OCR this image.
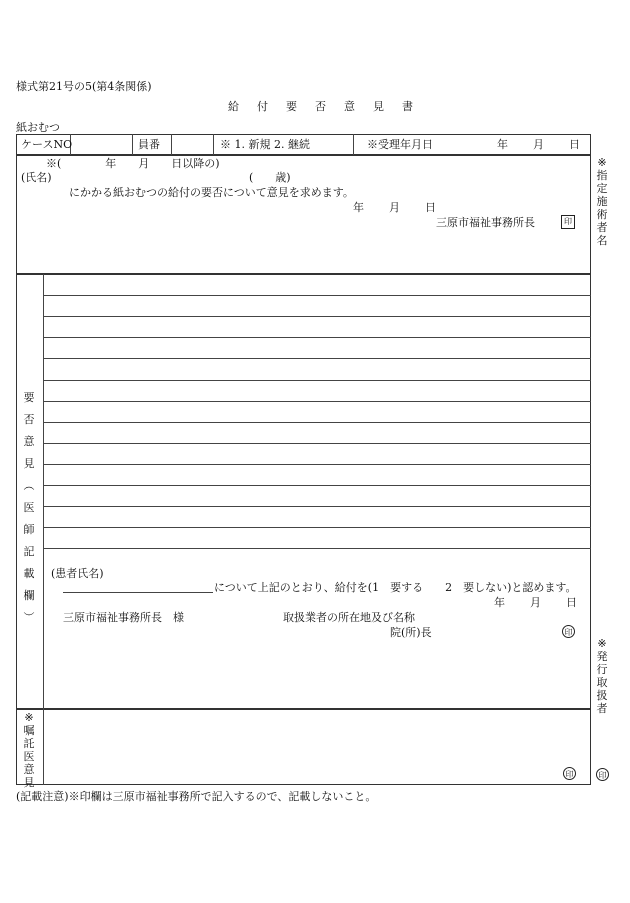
様式第21号の5(第4条関係)
給 付 要 否 意 見 書
紙おむつ
ケースNO	員番	※ 1. 新規 2. 継続	※受理年月日	年 月 日
※(　　　　年　　月　　日以降の)
(氏名)	(　　歳)
にかかる紙おむつの給付の要否について意見を求めます。
年 月 日
三原市福祉事務所長	印
要
否
意
見
︵
医
師
記
載
欄
︶
(患者氏名)
について上記のとおり、給付を(1　要する　　2　要しない)と認めます。
年 月 日
三原市福祉事務所長　様	取扱業者の所在地及び名称
院(所)長	印
※
嘱
託
医
意
見
印
※
指
定
施
術
者
名
※
発
行
取
扱
者
印
(記載注意)※印欄は三原市福祉事務所で記入するので、記載しないこと。
